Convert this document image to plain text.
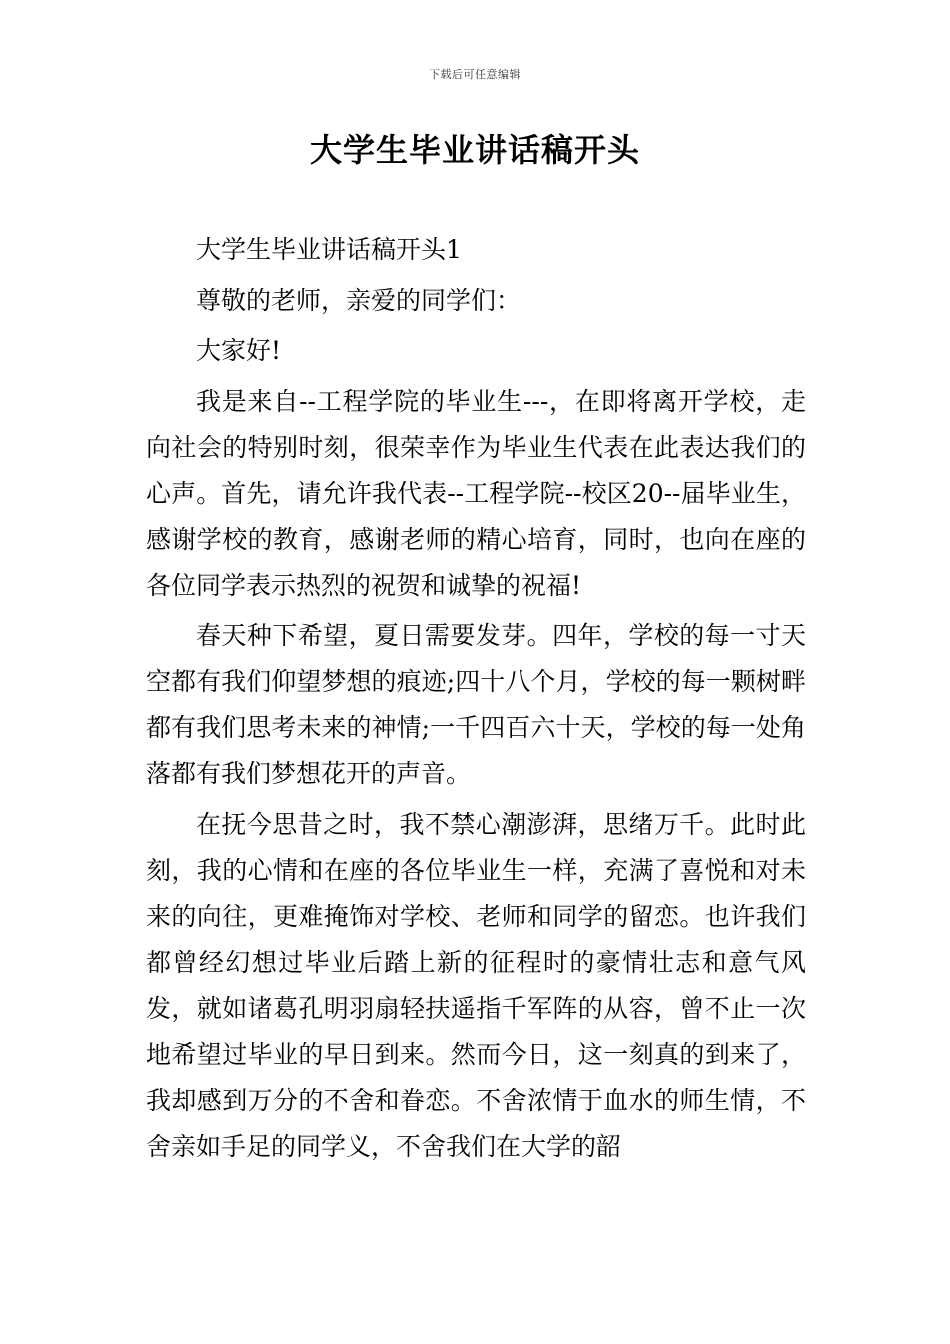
下载后可任意编辑
大学生毕业讲话稿开头

大学生毕业讲话稿开头1

尊敬的老师，亲爱的同学们：

大家好!

我是来自--工程学院的毕业生---，在即将离开学校，走向社会的特别时刻，很荣幸作为毕业生代表在此表达我们的心声。首先，请允许我代表--工程学院--校区20--届毕业生，感谢学校的教育，感谢老师的精心培育，同时，也向在座的各位同学表示热烈的祝贺和诚挚的祝福!

春天种下希望，夏日需要发芽。四年，学校的每一寸天空都有我们仰望梦想的痕迹;四十八个月，学校的每一颗树畔都有我们思考未来的神情;一千四百六十天，学校的每一处角落都有我们梦想花开的声音。

在抚今思昔之时，我不禁心潮澎湃，思绪万千。此时此刻，我的心情和在座的各位毕业生一样，充满了喜悦和对未来的向往，更难掩饰对学校、老师和同学的留恋。也许我们都曾经幻想过毕业后踏上新的征程时的豪情壮志和意气风发，就如诸葛孔明羽扇轻扶遥指千军阵的从容，曾不止一次地希望过毕业的早日到来。然而今日，这一刻真的到来了，我却感到万分的不舍和眷恋。不舍浓情于血水的师生情，不舍亲如手足的同学义，不舍我们在大学的韶
